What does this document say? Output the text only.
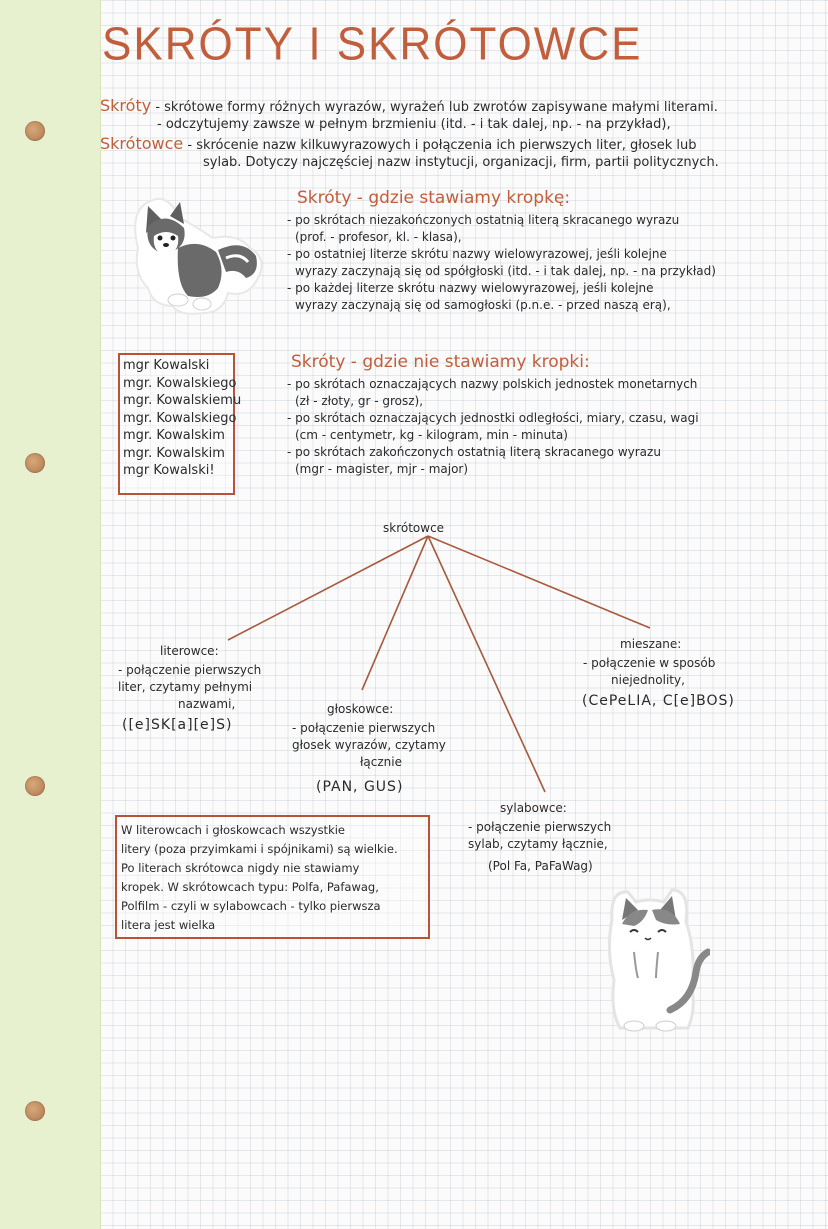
SKRÓTY I SKRÓTOWCE
Skróty - skrótowe formy różnych wyrazów, wyrażeń lub zwrotów zapisywane małymi literami.
- odczytujemy zawsze w pełnym brzmieniu (itd. - i tak dalej, np. - na przykład),
Skrótowce - skrócenie nazw kilkuwyrazowych i połączenia ich pierwszych liter, głosek lub
sylab. Dotyczy najczęściej nazw instytucji, organizacji, firm, partii politycznych.
Skróty - gdzie stawiamy kropkę:
- po skrótach niezakończonych ostatnią literą skracanego wyrazu
(prof. - profesor, kl. - klasa),
- po ostatniej literze skrótu nazwy wielowyrazowej, jeśli kolejne
wyrazy zaczynają się od spółgłoski (itd. - i tak dalej, np. - na przykład)
- po każdej literze skrótu nazwy wielowyrazowej, jeśli kolejne
wyrazy zaczynają się od samogłoski (p.n.e. - przed naszą erą),
mgr Kowalski
mgr. Kowalskiego
mgr. Kowalskiemu
mgr. Kowalskiego
mgr. Kowalskim
mgr. Kowalskim
mgr Kowalski!
Skróty - gdzie nie stawiamy kropki:
- po skrótach oznaczających nazwy polskich jednostek monetarnych
(zł - złoty, gr - grosz),
- po skrótach oznaczających jednostki odległości, miary, czasu, wagi
(cm - centymetr, kg - kilogram, min - minuta)
- po skrótach zakończonych ostatnią literą skracanego wyrazu
(mgr - magister, mjr - major)
skrótowce
literowce:
- połączenie pierwszych
liter, czytamy pełnymi
nazwami,
([e]SK[a][e]S)
głoskowce:
- połączenie pierwszych
głosek wyrazów, czytamy
łącznie
(PAN, GUS)
mieszane:
- połączenie w sposób
niejednolity,
(CePeLIA, C[e]BOS)
sylabowce:
- połączenie pierwszych
sylab, czytamy łącznie,
(Pol Fa, PaFaWag)
W literowcach i głoskowcach wszystkie
litery (poza przyimkami i spójnikami) są wielkie.
Po literach skrótowca nigdy nie stawiamy
kropek. W skrótowcach typu: Polfa, Pafawag,
Polfilm - czyli w sylabowcach - tylko pierwsza
litera jest wielka
